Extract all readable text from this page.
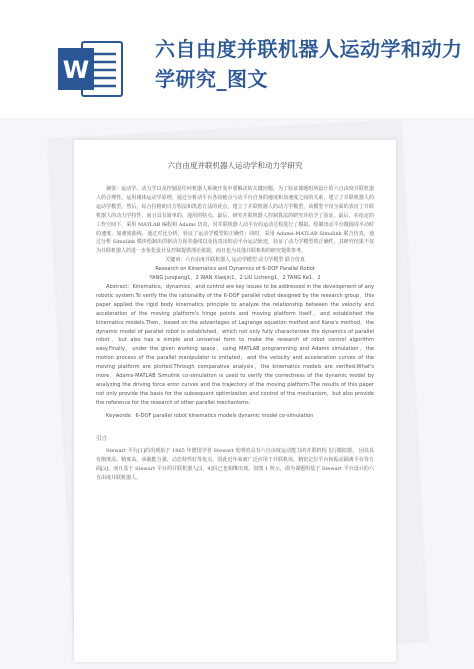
W
六自由度并联机器人运动学和动力学研究_图文
六自由度并联机器人运动学和动力学研究

摘要：运动学、动力学以及控制是任何机器人系统开发中要解决的关键问题。为了验证课题组所设计的六自由度并联机器人的合理性，运用刚体运动学原理，通过分析动平台各铰链点与动平台自身的速度和加速度之间的关系，建立了并联机器人的运动学模型。然后，综合拉格朗日方程法和凯恩方法的优点，建立了并联机器人的动力学模型，该模型不仅全面的表征了并联机器人的动力学特性，而且具有简单的、通用的特点。最后，研究并联机器人控制算法的研究并给予了验证。最后，在给定的工作空间下，采用 MATLAB 编程和 Adams 仿真，对并联机器人动平台的运动过程进行了模拟。绘制出动平台微圆周平动时的速度、加速度曲线，通过对比分析，验证了运动学模型的正确性；同时，采用 Adams-MATLAB Simulink 联合仿真，通过分析 Simulink 模块绘制出的驱动力误差曲线以及仿真出的动平台运动轨迹，验证了动力学模型的正确性。其研究结果不仅为并联机器人的进一步优化设计及控制提供理论依据，而且也为其他并联机构的研究提供参考。

关键词：六自由度并联机器人 运动学模型 动力学模型 联合仿真

Research on Kinematics and Dynamics of 6-DOF Parallel Robot

YANG Junqiang1，2 WAN Xiaojin1，2 LIU Licheng1，2 TANG Ke1，2

Abstract：Kinematics，dynamics，and control are key issues to be addressed in the development of any robotic system.To verify the the rationality of the 6-DOF parallel robot designed by the research group，this paper applied the rigid body kinematics principle to analyze the relationship between the velocity and acceleration of the moving platform's hinge points and moving platform itself，and established the kinematics models.Then，based on the advantages of Lagrange equation method and Kane's method，the dynamic model of parallel robot is established，which not only fully characterizes the dynamics of parallel robot，but also has a simple and universal form to make the research of robot control algorithm easy.Finally，under the given working space，using MATLAB programming and Adams simulation，the motion process of the parallel manipulator is imitated，and the velocity and acceleration curves of the moving platform are plotted.Through comparative analysis，the kinematics models are verified.What's more，Adams-MATLAB Simulink co-simulation is used to verify the correctness of the dynamic model by analyzing the driving force error curves and the trajectory of the moving platform.The results of this paper not only provide the basis for the subsequent optimization and control of the mechanism，but also provide the reference for the research of other parallel mechanisms.

Keywords：6-DOF parallel robot kinematics models dynamic model co-simulation

引言

Stewart 平台[1]的出现始于 1965 年德国学者 Stewart 发明的具有六自由度运动能力的并联机构飞行模拟器。 因其具有刚度高、精度高、承载能力强、动态特性好等优点，国此近年来被广泛应用于并联机床、精密定位平台和振动隔离平台等方面[2]，而且基于 Stewart 平台的并联机器人[3，4]仪已也相继出现。如图 1 所示，即为课题组基于 Stewart 平台设计的六自由度并联机器人。
